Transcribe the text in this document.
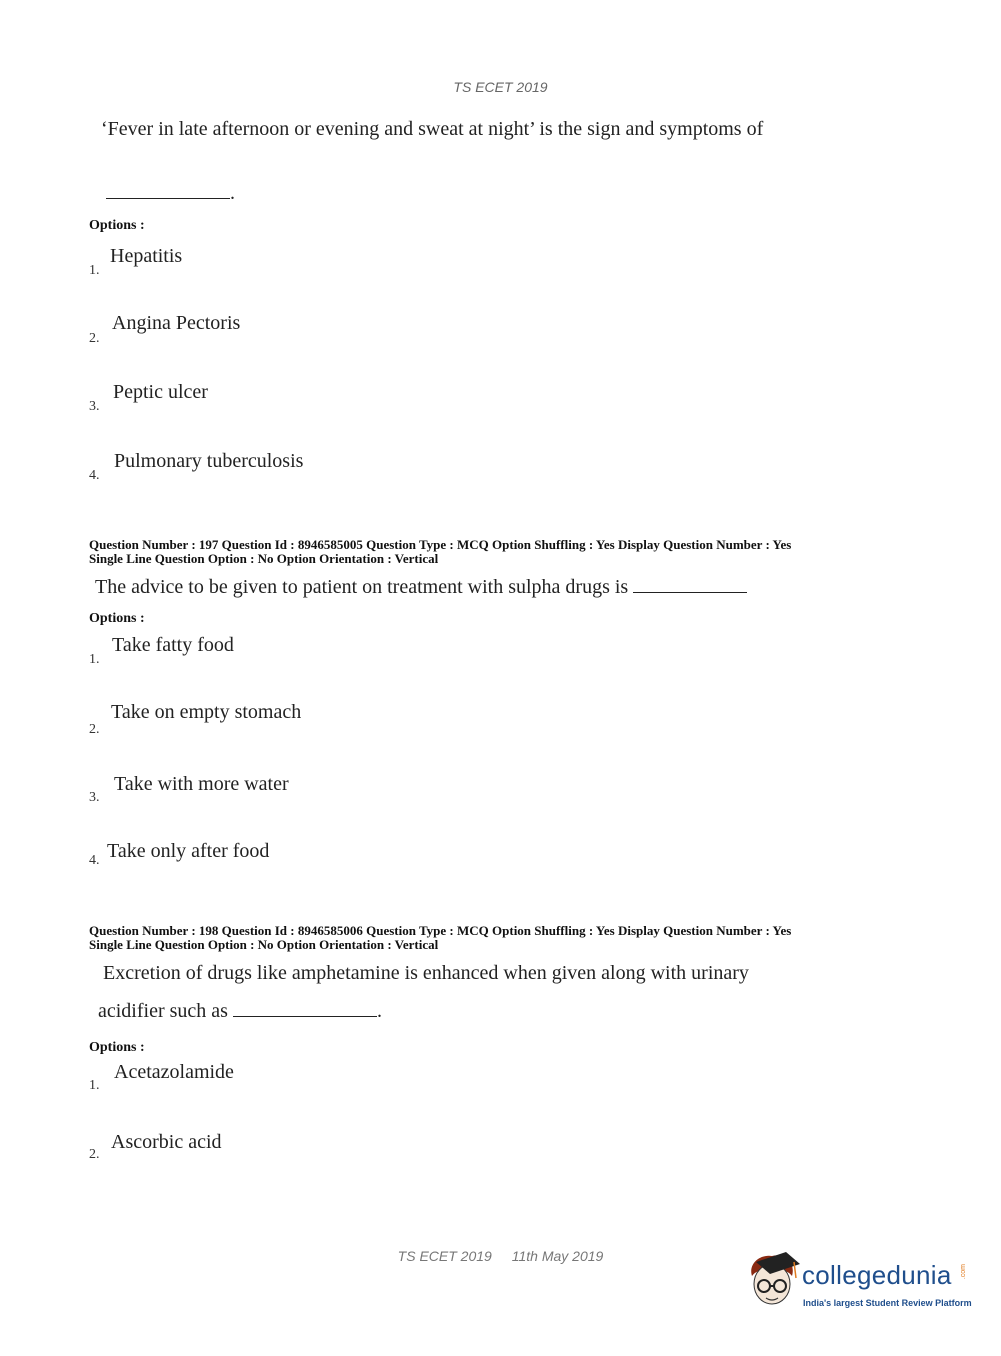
TS ECET 2019
‘Fever in late afternoon or evening and sweat at night’ is the sign and symptoms of
.
Options :
1.
Hepatitis
2.
Angina Pectoris
3.
Peptic ulcer
4.
Pulmonary tuberculosis
Question Number : 197 Question Id : 8946585005 Question Type : MCQ Option Shuffling : Yes Display Question Number : Yes
Single Line Question Option : No Option Orientation : Vertical
The advice to be given to patient on treatment with sulpha drugs is
Options :
1.
Take fatty food
2.
Take on empty stomach
3.
Take with more water
4. Take only after food
Question Number : 198 Question Id : 8946585006 Question Type : MCQ Option Shuffling : Yes Display Question Number : Yes
Single Line Question Option : No Option Orientation : Vertical
Excretion of drugs like amphetamine is enhanced when given along with urinary
acidifier such as	.
Options :
1.
Acetazolamide
2.
Ascorbic acid
TS ECET 2019 11th May 2019
collegedunia .com
India's largest Student Review Platform
